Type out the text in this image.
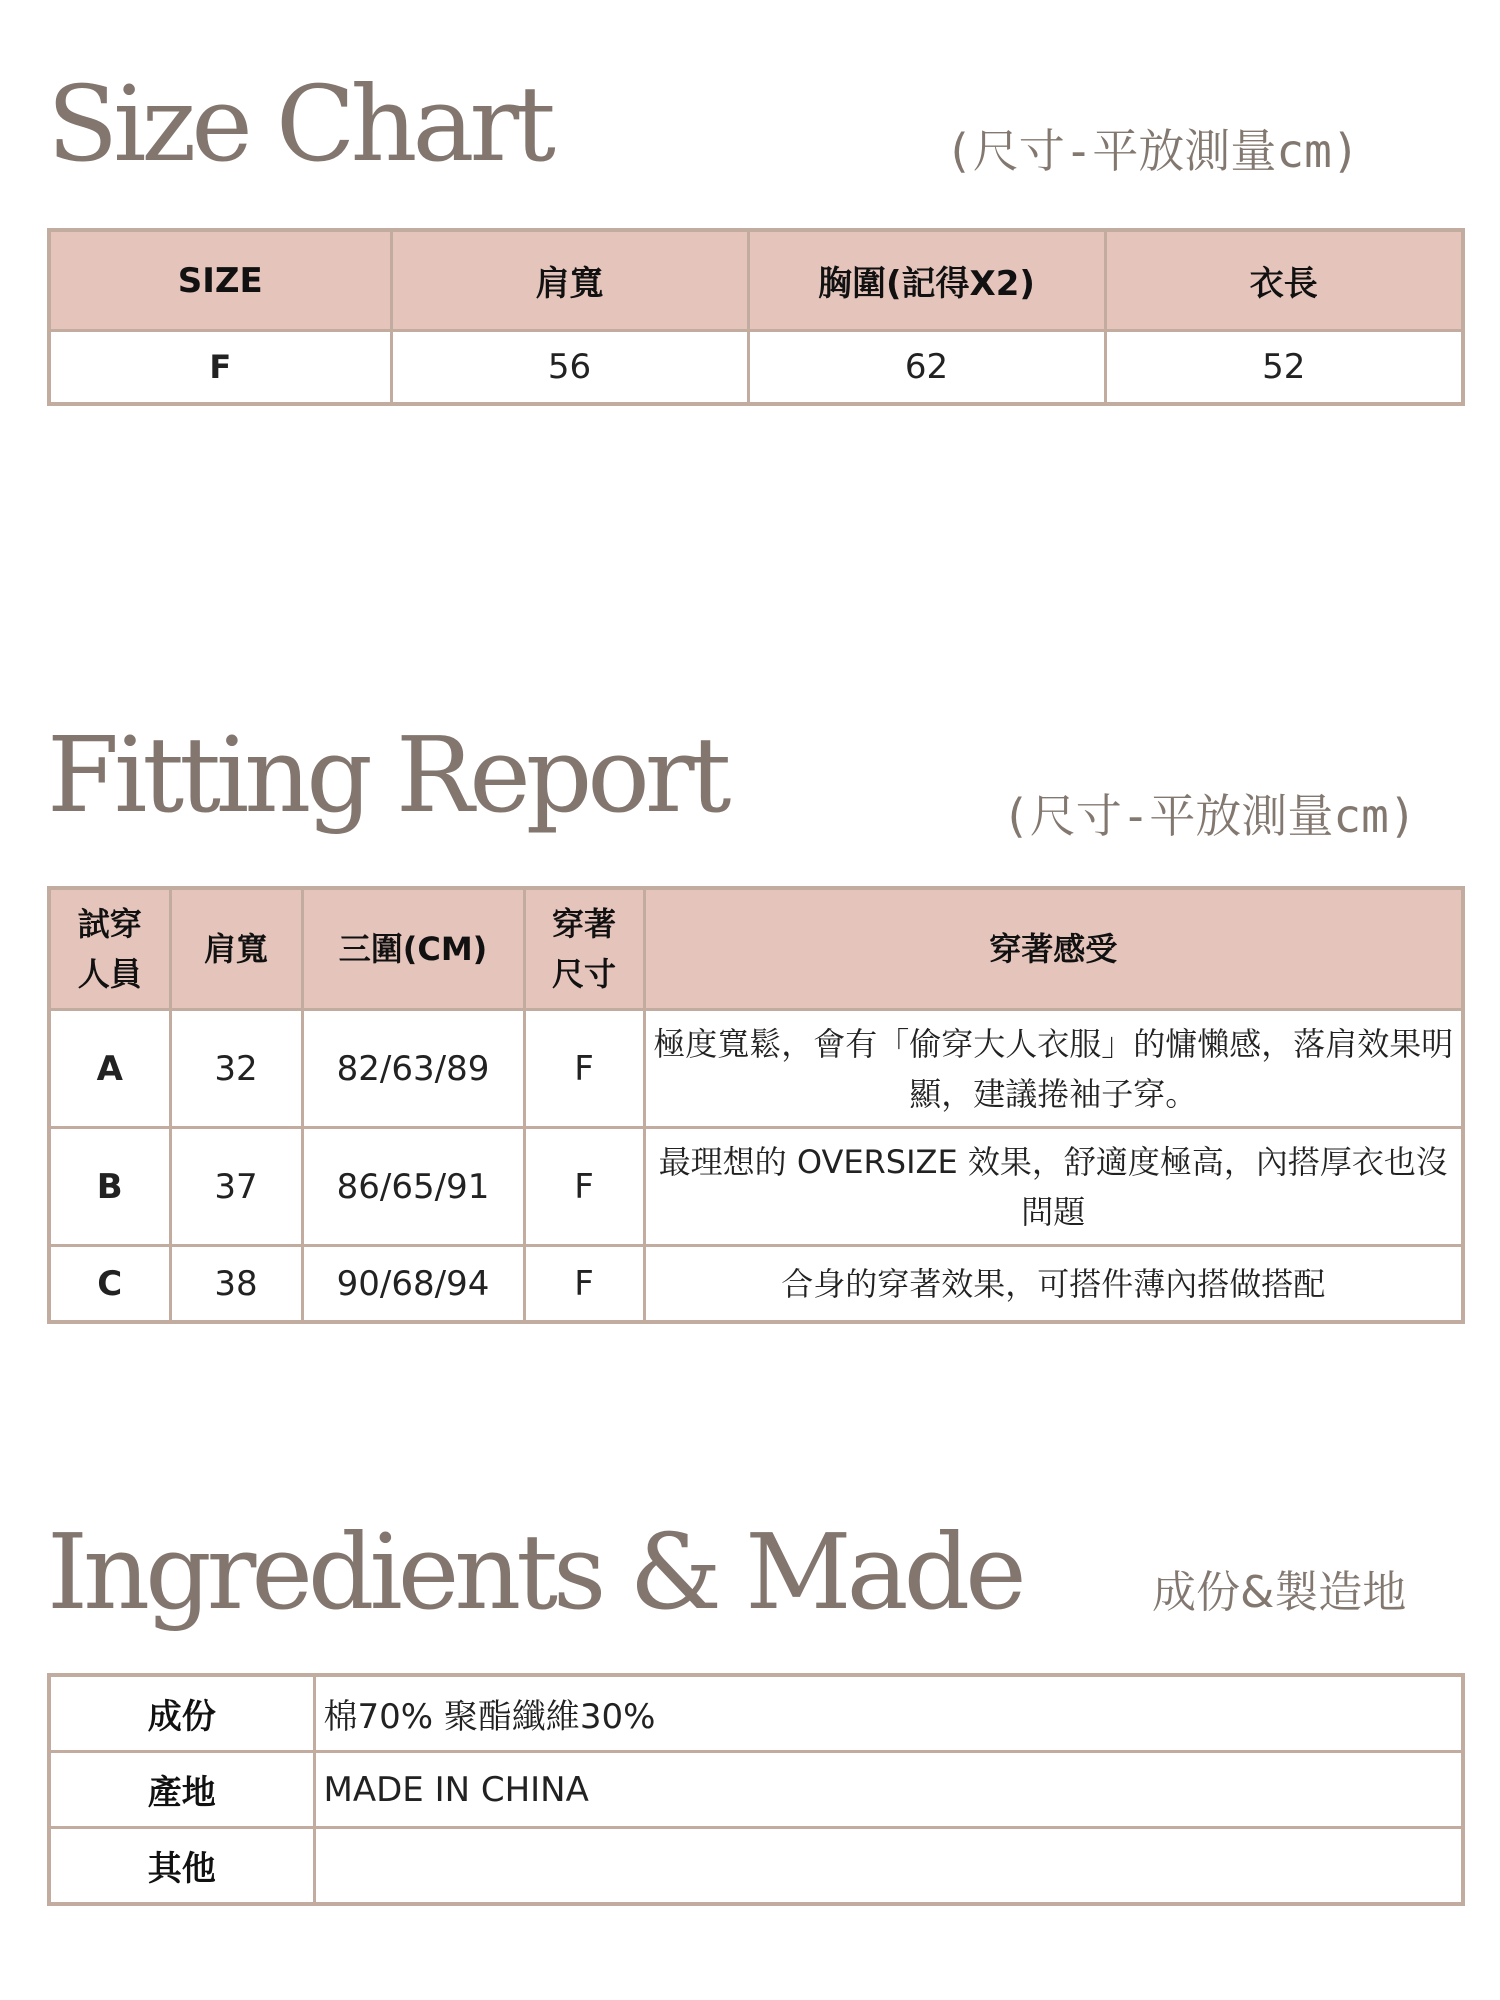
Size Chart	(尺寸-平放測量cm)
SIZE	肩寬	胸圍(記得X2)	衣長
F	56	62	52
Fitting Report	(尺寸-平放測量cm)
試穿人員	肩寬	三圍(CM)	穿著尺寸	穿著感受
A	32	82/63/89	F	極度寬鬆，會有「偷穿大人衣服」的慵懶感，落肩效果明顯，建議捲袖子穿。
B	37	86/65/91	F	最理想的 OVERSIZE 效果，舒適度極高，內搭厚衣也沒問題
C	38	90/68/94	F	合身的穿著效果，可搭件薄內搭做搭配
Ingredients & Made	成份&製造地
成份	棉70% 聚酯纖維30%
產地	MADE IN CHINA
其他	
